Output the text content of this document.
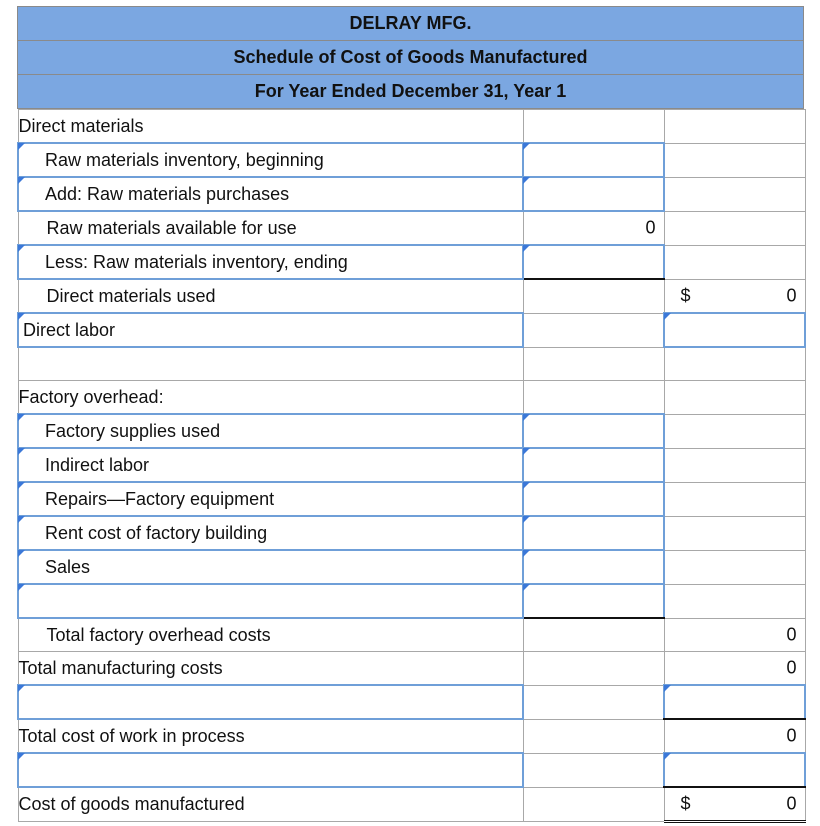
DELRAY MFG.
Schedule of Cost of Goods Manufactured
For Year Ended December 31, Year 1
Direct materials		
Raw materials inventory, beginning		
Add: Raw materials purchases		
Raw materials available for use	0	

Less: Raw materials inventory, ending		
Direct materials used		$ 0

Direct labor		

Factory overhead:		
Factory supplies used		
Indirect labor		
Repairs—Factory equipment		
Rent cost of factory building		
Sales		

Total factory overhead costs		0

Total manufacturing costs		0

Total cost of work in process		0

Cost of goods manufactured		$ 0
